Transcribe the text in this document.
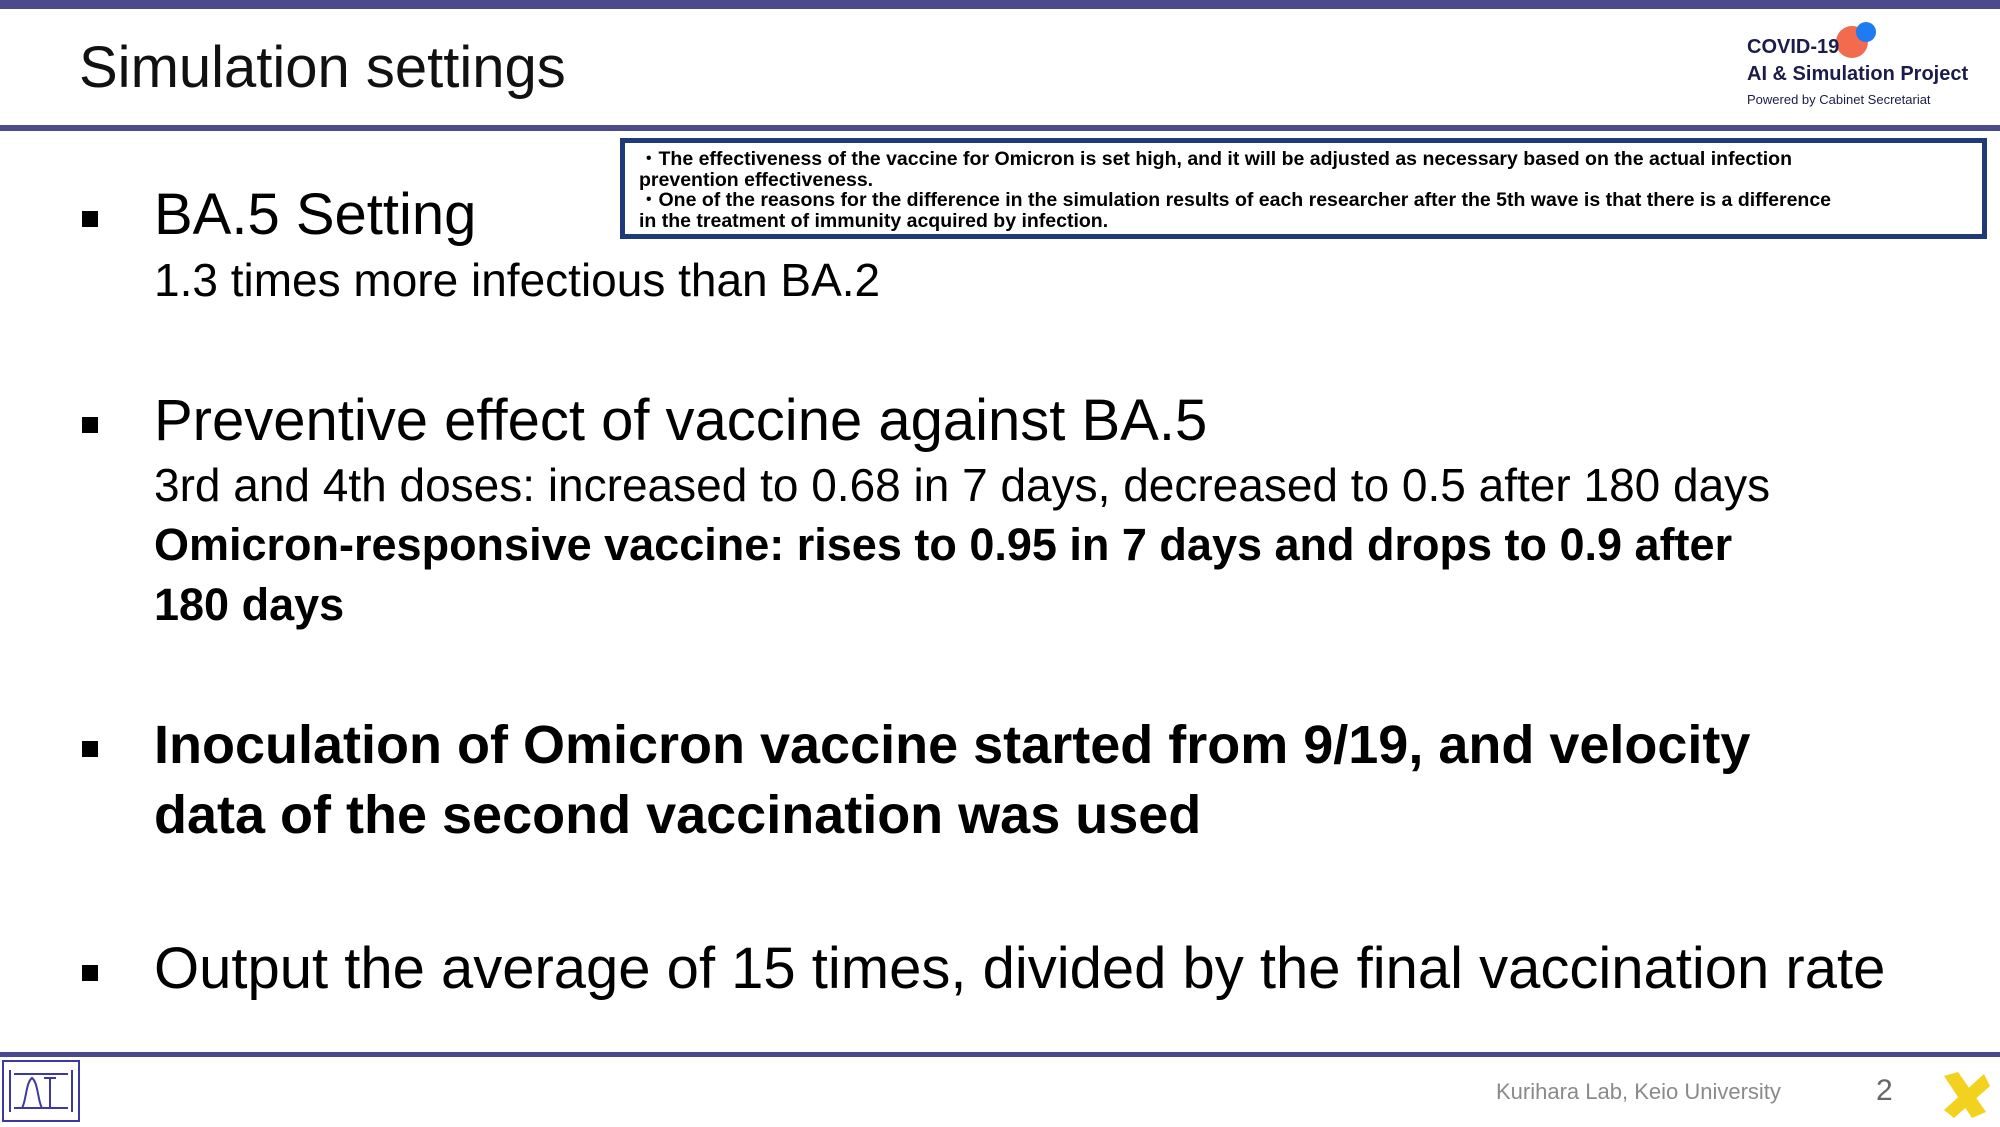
Simulation settings	COVID-19
AI & Simulation Project
Powered by Cabinet Secretariat
・The effectiveness of the vaccine for Omicron is set high, and it will be adjusted as necessary based on the actual infection
prevention effectiveness.
・One of the reasons for the difference in the simulation results of each researcher after the 5th wave is that there is a difference
in the treatment of immunity acquired by infection.
BA.5 Setting
1.3 times more infectious than BA.2
Preventive effect of vaccine against BA.5
3rd and 4th doses: increased to 0.68 in 7 days, decreased to 0.5 after 180 days
Omicron-responsive vaccine: rises to 0.95 in 7 days and drops to 0.9 after
180 days
Inoculation of Omicron vaccine started from 9/19, and velocity
data of the second vaccination was used
Output the average of 15 times, divided by the final vaccination rate
Kurihara Lab, Keio University	2
